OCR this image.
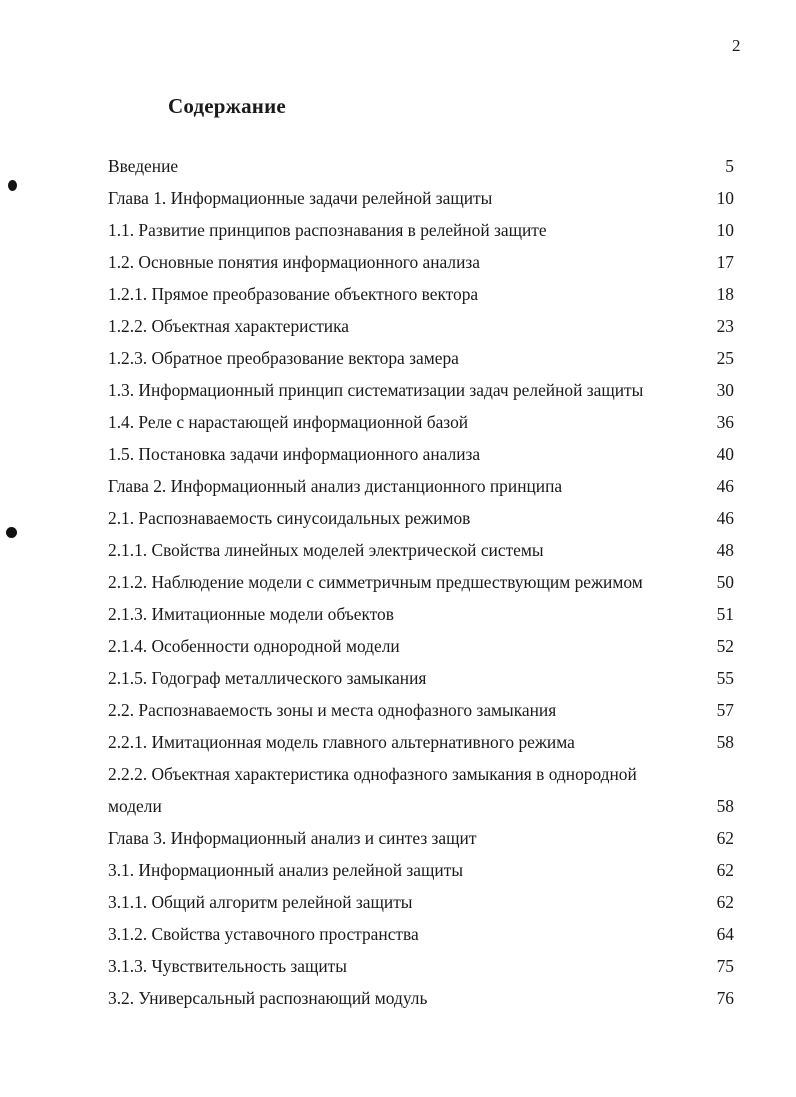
2
Содержание
Введение	5
Глава 1. Информационные задачи релейной защиты	10
1.1. Развитие принципов распознавания в релейной защите	10
1.2. Основные понятия информационного анализа	17
1.2.1. Прямое преобразование объектного вектора	18
1.2.2. Объектная характеристика	23
1.2.3. Обратное преобразование вектора замера	25
1.3. Информационный принцип систематизации задач релейной защиты	30
1.4. Реле с нарастающей информационной базой	36
1.5. Постановка задачи информационного анализа	40
Глава 2. Информационный анализ дистанционного принципа	46
2.1. Распознаваемость синусоидальных режимов	46
2.1.1. Свойства линейных моделей электрической системы	48
2.1.2. Наблюдение модели с симметричным предшествующим режимом	50
2.1.3. Имитационные модели объектов	51
2.1.4. Особенности однородной модели	52
2.1.5. Годограф металлического замыкания	55
2.2. Распознаваемость зоны и места однофазного замыкания	57
2.2.1. Имитационная модель главного альтернативного режима	58
2.2.2. Объектная характеристика однофазного замыкания в однородной
модели	58
Глава 3. Информационный анализ и синтез защит	62
3.1. Информационный анализ релейной защиты	62
3.1.1. Общий алгоритм релейной защиты	62
3.1.2. Свойства уставочного пространства	64
3.1.3. Чувствительность защиты	75
3.2. Универсальный распознающий модуль	76
